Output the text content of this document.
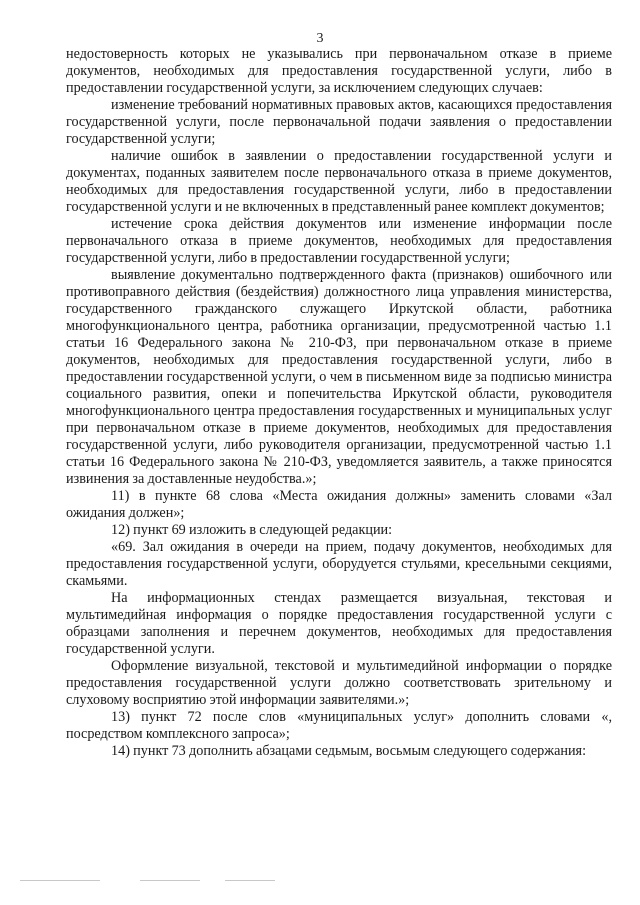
3

недостоверность которых не указывались при первоначальном отказе в приеме документов, необходимых для предоставления государственной услуги, либо в предоставлении государственной услуги, за исключением следующих случаев:

изменение требований нормативных правовых актов, касающихся предоставления государственной услуги, после первоначальной подачи заявления о предоставлении государственной услуги;

наличие ошибок в заявлении о предоставлении государственной услуги и документах, поданных заявителем после первоначального отказа в приеме документов, необходимых для предоставления государственной услуги, либо в предоставлении государственной услуги и не включенных в представленный ранее комплект документов;

истечение срока действия документов или изменение информации после первоначального отказа в приеме документов, необходимых для предоставления государственной услуги, либо в предоставлении государственной услуги;

выявление документально подтвержденного факта (признаков) ошибочного или противоправного действия (бездействия) должностного лица управления министерства, государственного гражданского служащего Иркутской области, работника многофункционального центра, работника организации, предусмотренной частью 1.1 статьи 16 Федерального закона № 210-ФЗ, при первоначальном отказе в приеме документов, необходимых для предоставления государственной услуги, либо в предоставлении государственной услуги, о чем в письменном виде за подписью министра социального развития, опеки и попечительства Иркутской области, руководителя многофункционального центра предоставления государственных и муниципальных услуг при первоначальном отказе в приеме документов, необходимых для предоставления государственной услуги, либо руководителя организации, предусмотренной частью 1.1 статьи 16 Федерального закона № 210-ФЗ, уведомляется заявитель, а также приносятся извинения за доставленные неудобства.»;

11) в пункте 68 слова «Места ожидания должны» заменить словами «Зал ожидания должен»;

12) пункт 69 изложить в следующей редакции:

«69. Зал ожидания в очереди на прием, подачу документов, необходимых для предоставления государственной услуги, оборудуется стульями, кресельными секциями, скамьями.

На информационных стендах размещается визуальная, текстовая и мультимедийная информация о порядке предоставления государственной услуги с образцами заполнения и перечнем документов, необходимых для предоставления государственной услуги.

Оформление визуальной, текстовой и мультимедийной информации о порядке предоставления государственной услуги должно соответствовать зрительному и слуховому восприятию этой информации заявителями.»;

13) пункт 72 после слов «муниципальных услуг» дополнить словами «, посредством комплексного запроса»;

14) пункт 73 дополнить абзацами седьмым, восьмым следующего содержания:
